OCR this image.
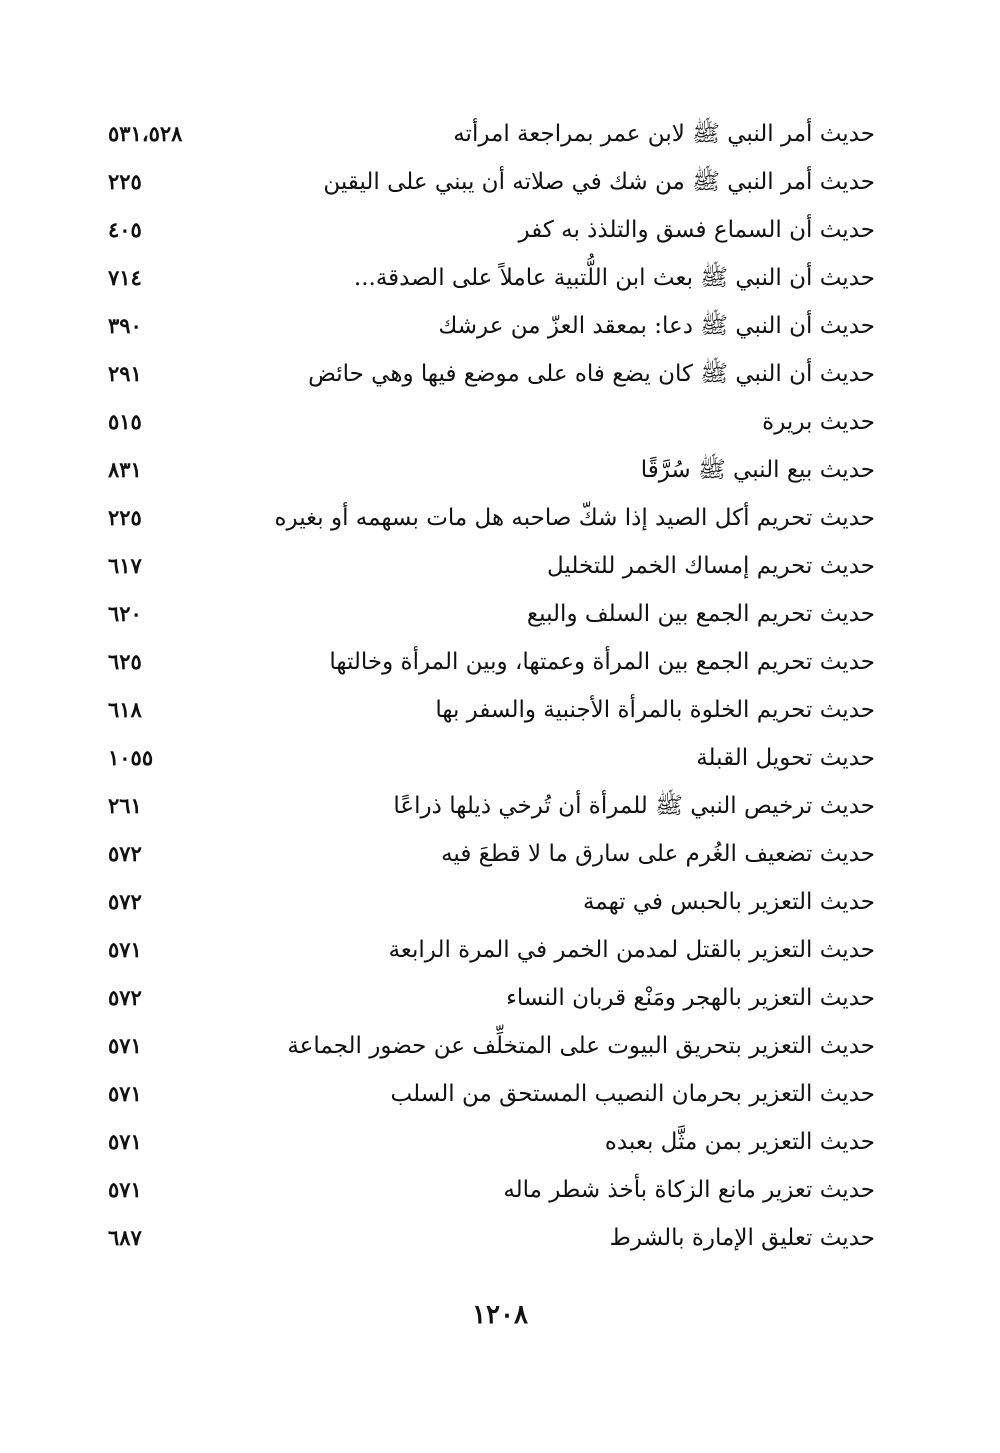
حديث أمر النبي ﷺ لابن عمر بمراجعة امرأته
٥٣١،٥٢٨
حديث أمر النبي ﷺ من شك في صلاته أن يبني على اليقين
٢٢٥
حديث أن السماع فسق والتلذذ به كفر
٤٠٥
حديث أن النبي ﷺ بعث ابن اللُّتبية عاملاً على الصدقة...
٧١٤
حديث أن النبي ﷺ دعا: بمعقد العزّ من عرشك
٣٩٠
حديث أن النبي ﷺ كان يضع فاه على موضع فيها وهي حائض
٢٩١
حديث بريرة
٥١٥
حديث بيع النبي ﷺ سُرَّقًا
٨٣١
حديث تحريم أكل الصيد إذا شكّ صاحبه هل مات بسهمه أو بغيره
٢٢٥
حديث تحريم إمساك الخمر للتخليل
٦١٧
حديث تحريم الجمع بين السلف والبيع
٦٢٠
حديث تحريم الجمع بين المرأة وعمتها، وبين المرأة وخالتها
٦٢٥
حديث تحريم الخلوة بالمرأة الأجنبية والسفر بها
٦١٨
حديث تحويل القبلة
١٠٥٥
حديث ترخيص النبي ﷺ للمرأة أن تُرخي ذيلها ذراعًا
٢٦١
حديث تضعيف الغُرم على سارق ما لا قطعَ فيه
٥٧٢
حديث التعزير بالحبس في تهمة
٥٧٢
حديث التعزير بالقتل لمدمن الخمر في المرة الرابعة
٥٧١
حديث التعزير بالهجر ومَنْع قربان النساء
٥٧٢
حديث التعزير بتحريق البيوت على المتخلِّف عن حضور الجماعة
٥٧١
حديث التعزير بحرمان النصيب المستحق من السلب
٥٧١
حديث التعزير بمن مثَّل بعبده
٥٧١
حديث تعزير مانع الزكاة بأخذ شطر ماله
٥٧١
حديث تعليق الإمارة بالشرط
٦٨٧
١٢٠٨
